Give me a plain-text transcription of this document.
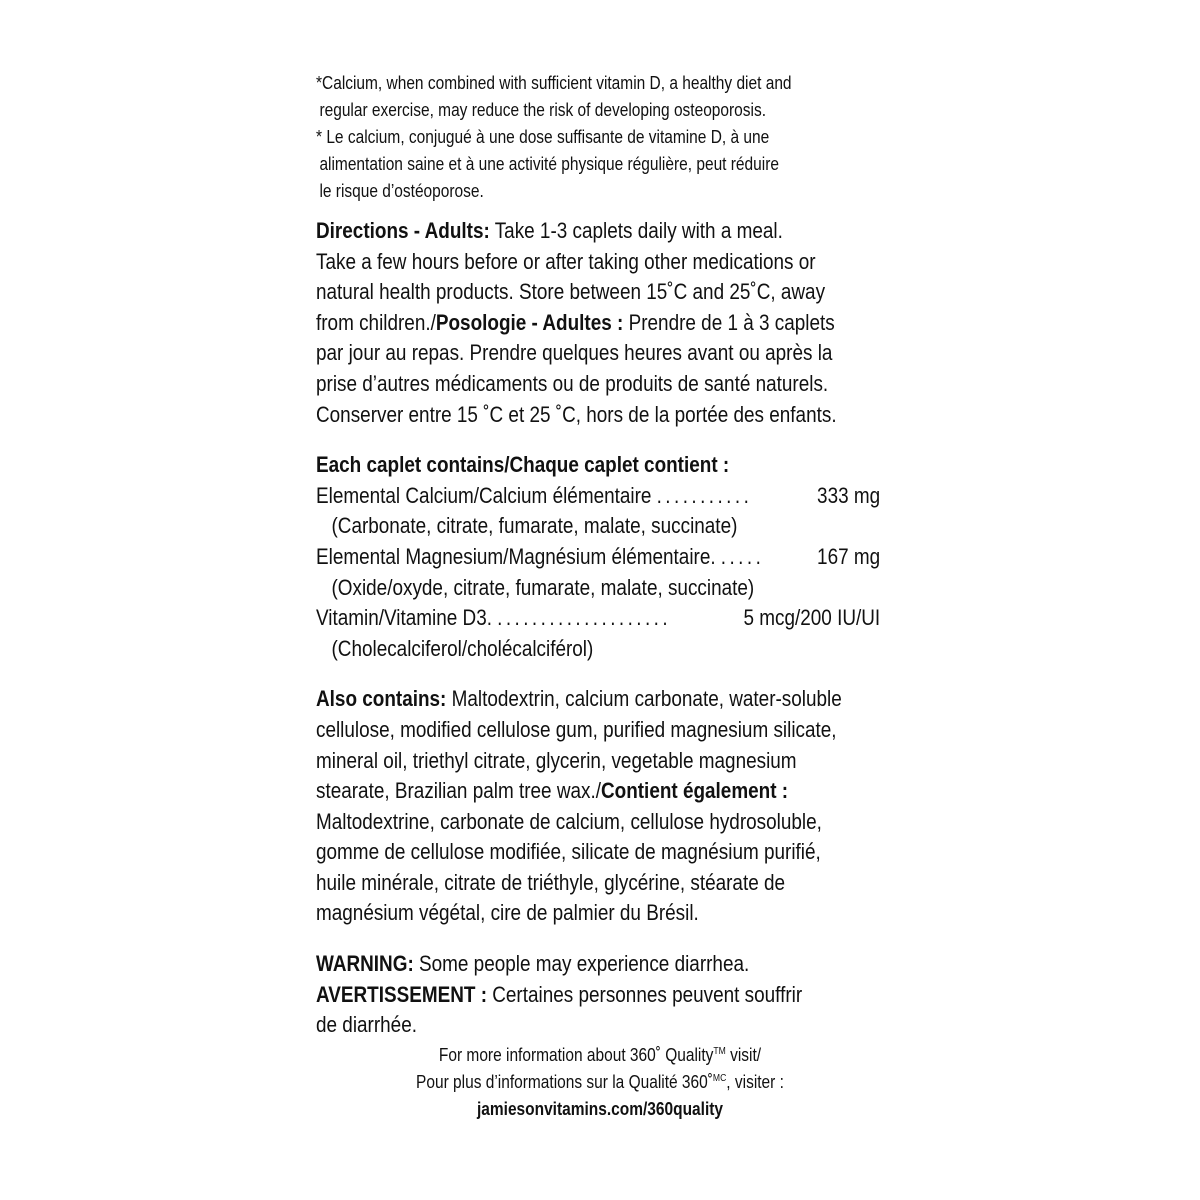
*Calcium, when combined with sufficient vitamin D, a healthy diet and

regular exercise, may reduce the risk of developing osteoporosis.

* Le calcium, conjugué à une dose suffisante de vitamine D, à une

alimentation saine et à une activité physique régulière, peut réduire

le risque d’ostéoporose.

Directions - Adults: Take 1-3 caplets daily with a meal.
Take a few hours before or after taking other medications or
natural health products. Store between 15˚C and 25˚C, away
from children./Posologie - Adultes : Prendre de 1 à 3 caplets
par jour au repas. Prendre quelques heures avant ou après la
prise d’autres médicaments ou de produits de santé naturels.
Conserver entre 15 ˚C et 25 ˚C, hors de la portée des enfants.
Each caplet contains/Chaque caplet contient :
Elemental Calcium/Calcium élémentaire ...........	333 mg
(Carbonate, citrate, fumarate, malate, succinate)
Elemental Magnesium/Magnésium élémentaire. .....	167 mg
(Oxide/oxyde, citrate, fumarate, malate, succinate)
Vitamin/Vitamine D3. ....................	5 mcg/200 IU/UI
(Cholecalciferol/cholécalciférol)
Also contains: Maltodextrin, calcium carbonate, water-soluble
cellulose, modified cellulose gum, purified magnesium silicate,
mineral oil, triethyl citrate, glycerin, vegetable magnesium
stearate, Brazilian palm tree wax./Contient également :
Maltodextrine, carbonate de calcium, cellulose hydrosoluble,
gomme de cellulose modifiée, silicate de magnésium purifié,
huile minérale, citrate de triéthyle, glycérine, stéarate de
magnésium végétal, cire de palmier du Brésil.
WARNING: Some people may experience diarrhea.
AVERTISSEMENT : Certaines personnes peuvent souffrir
de diarrhée.

For more information about 360˚ Quality™ visit/

Pour plus d’informations sur la Qualité 360˚$^{MC}$, visiter :

jamiesonvitamins.com/360quality
